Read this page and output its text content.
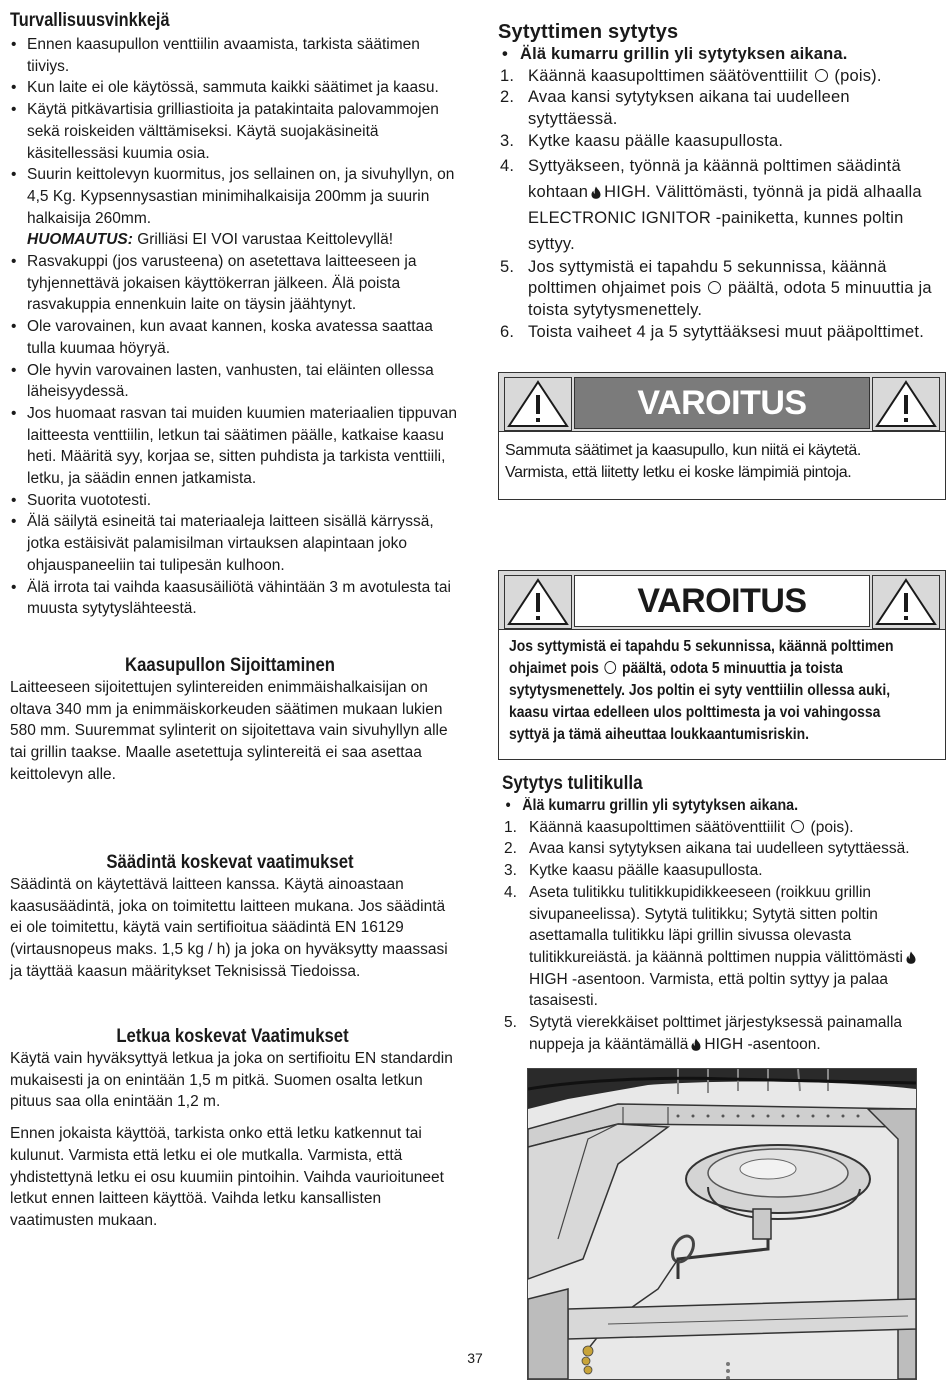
Turvallisuusvinkkejä
• Ennen kaasupullon venttiilin avaamista, tarkista säätimen tiiviys.
• Kun laite ei ole käytössä, sammuta kaikki säätimet ja kaasu.
• Käytä pitkävartisia grilliastioita ja patakintaita palovammojen sekä roiskeiden välttämiseksi. Käytä suojakäsineitä käsitellessäsi kuumia osia.
• Suurin keittolevyn kuormitus, jos sellainen on, ja sivuhyllyn, on 4,5 Kg. Kypsennysastian minimihalkaisija 200mm ja suurin halkaisija 260mm.
HUOMAUTUS: Grilliäsi EI VOI varustaa Keittolevyllä!
• Rasvakuppi (jos varusteena) on asetettava laitteeseen ja tyhjennettävä jokaisen käyttökerran jälkeen. Älä poista rasvakuppia ennenkuin laite on täysin jäähtynyt.
• Ole varovainen, kun avaat kannen, koska avatessa saattaa tulla kuumaa höyryä.
• Ole hyvin varovainen lasten, vanhusten, tai eläinten ollessa läheisyydessä.
• Jos huomaat rasvan tai muiden kuumien materiaalien tippuvan laitteesta venttiilin, letkun tai säätimen päälle, katkaise kaasu heti. Määritä syy, korjaa se, sitten puhdista ja tarkista venttiili, letku, ja säädin ennen jatkamista.
• Suorita vuototesti.
• Älä säilytä esineitä tai materiaaleja laitteen sisällä kärryssä, jotka estäisivät palamisilman virtauksen alapintaan joko ohjauspaneeliin tai tulipesän kulhoon.
• Älä irrota tai vaihda kaasusäiliötä vähintään 3 m avotulesta tai muusta sytytyslähteestä.
Kaasupullon Sijoittaminen

Laitteeseen sijoitettujen sylintereiden enimmäishalkaisijan on oltava 340 mm ja enimmäiskorkeuden säätimen mukaan lukien 580 mm. Suuremmat sylinterit on sijoitettava vain sivuhyllyn alle tai grillin taakse. Maalle asetettuja sylintereitä ei saa asettaa keittolevyn alle.

Säädintä koskevat vaatimukset

Säädintä on käytettävä laitteen kanssa. Käytä ainoastaan kaasusäädintä, joka on toimitettu laitteen mukana. Jos säädintä ei ole toimitettu, käytä vain sertifioitua säädintä EN 16129 (virtausnopeus maks. 1,5 kg / h) ja joka on hyväksytty maassasi ja täyttää kaasun määritykset Teknisissä Tiedoissa.

Letkua koskevat Vaatimukset

Käytä vain hyväksyttyä letkua ja joka on sertifioitu EN standardin mukaisesti ja on enintään 1,5 m pitkä. Suomen osalta letkun pituus saa olla enintään 1,2 m.

Ennen jokaista käyttöä, tarkista onko että letku katkennut tai kulunut. Varmista että letku ei ole mutkalla. Varmista, että yhdistettynä letku ei osu kuumiin pintoihin. Vaihda vaurioituneet letkut ennen laitteen käyttöä. Vaihda letku kansallisten vaatimusten mukaan.

Sytyttimen sytytys
• Älä kumarru grillin yli sytytyksen aikana.
1. Käännä kaasupolttimen säätöventtiilit (pois).
2. Avaa kansi sytytyksen aikana tai uudelleen sytyttäessä.
3. Kytke kaasu päälle kaasupullosta.
4. Syttyäkseen, työnnä ja käännä polttimen säädintä kohtaan HIGH. Välittömästi, työnnä ja pidä alhaalla ELECTRONIC IGNITOR -painiketta, kunnes poltin syttyy.
5. Jos syttymistä ei tapahdu 5 sekunnissa, käännä polttimen ohjaimet pois päältä, odota 5 minuuttia ja toista sytytysmenettely.
6. Toista vaiheet 4 ja 5 sytyttääksesi muut pääpolttimet.
VAROITUS
Sammuta säätimet ja kaasupullo, kun niitä ei käytetä.
Varmista, että liitetty letku ei koske lämpimiä pintoja.
VAROITUS
Jos syttymistä ei tapahdu 5 sekunnissa, käännä polttimen
ohjaimet pois päältä, odota 5 minuuttia ja toista
sytytysmenettely. Jos poltin ei syty venttiilin ollessa auki,
kaasu virtaa edelleen ulos polttimesta ja voi vahingossa
syttyä ja tämä aiheuttaa loukkaantumisriskin.
Sytytys tulitikulla
• Älä kumarru grillin yli sytytyksen aikana.
1. Käännä kaasupolttimen säätöventtiilit (pois).
2. Avaa kansi sytytyksen aikana tai uudelleen sytyttäessä.
3. Kytke kaasu päälle kaasupullosta.
4. Aseta tulitikku tulitikkupidikkeeseen (roikkuu grillin sivupaneelissa). Sytytä tulitikku; Sytytä sitten poltin asettamalla tulitikku läpi grillin sivussa olevasta tulitikkureiästä. ja käännä polttimen nuppia välittömästiHIGH -asentoon. Varmista, että poltin syttyy ja palaa tasaisesti.
5. Sytytä vierekkäiset polttimet järjestyksessä painamalla nuppeja ja kääntämällä HIGH -asentoon.
37
